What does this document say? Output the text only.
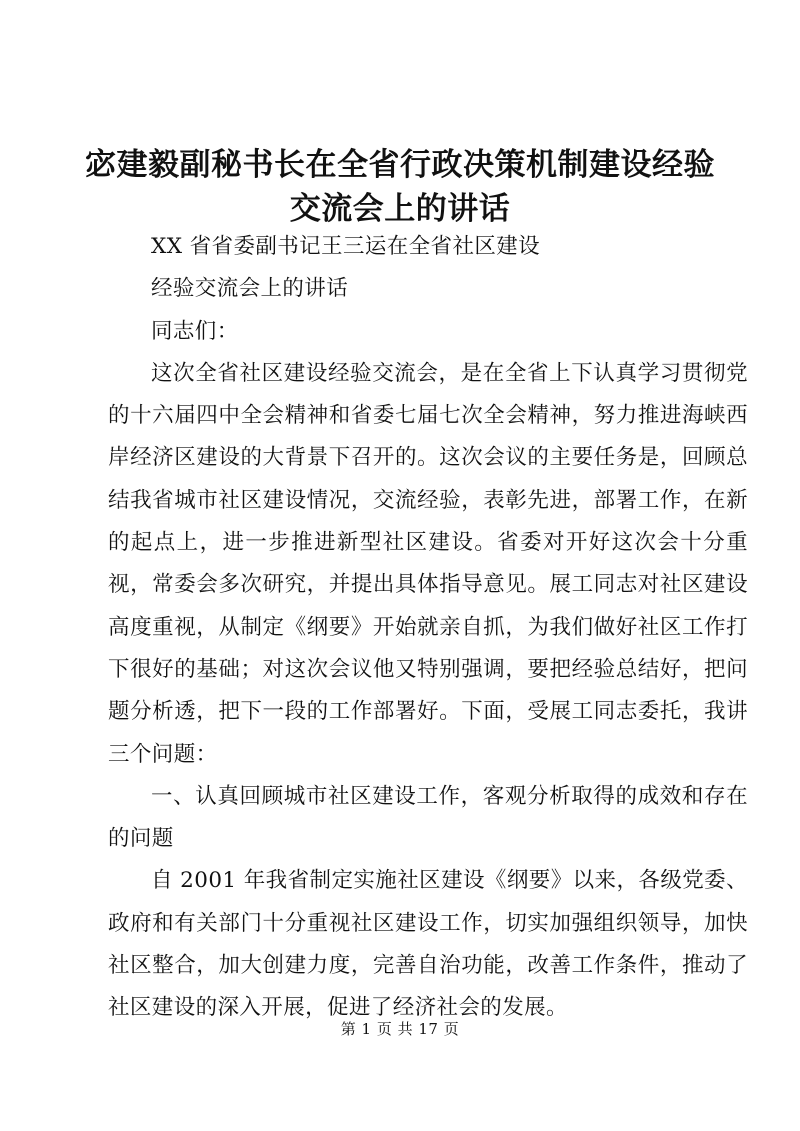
宓建毅副秘书长在全省行政决策机制建设经验
交流会上的讲话

XX 省省委副书记王三运在全省社区建设

经验交流会上的讲话

同志们：

这次全省社区建设经验交流会，是在全省上下认真学习贯彻党的十六届四中全会精神和省委七届七次全会精神，努力推进海峡西岸经济区建设的大背景下召开的。这次会议的主要任务是，回顾总结我省城市社区建设情况，交流经验，表彰先进，部署工作，在新的起点上，进一步推进新型社区建设。省委对开好这次会十分重视，常委会多次研究，并提出具体指导意见。展工同志对社区建设高度重视，从制定《纲要》开始就亲自抓，为我们做好社区工作打下很好的基础；对这次会议他又特别强调，要把经验总结好，把问题分析透，把下一段的工作部署好。下面，受展工同志委托，我讲三个问题：

一、认真回顾城市社区建设工作，客观分析取得的成效和存在的问题

自 2001 年我省制定实施社区建设《纲要》以来，各级党委、政府和有关部门十分重视社区建设工作，切实加强组织领导，加快社区整合，加大创建力度，完善自治功能，改善工作条件，推动了社区建设的深入开展，促进了经济社会的发展。

第 1 页 共 17 页
